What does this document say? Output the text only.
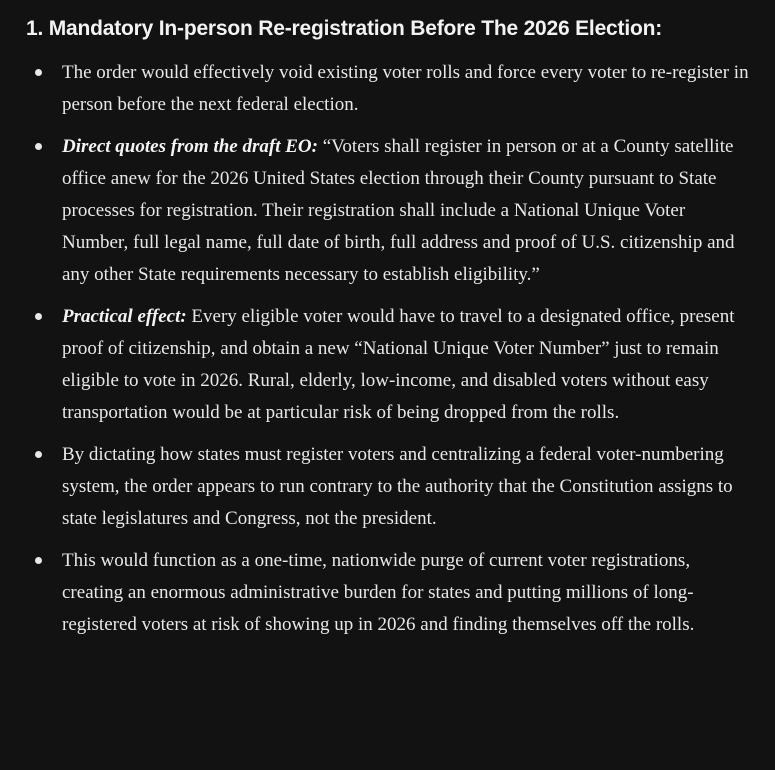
1. Mandatory In-person Re-registration Before The 2026 Election:
The order would effectively void existing voter rolls and force every voter to re-register in person before the next federal election.
Direct quotes from the draft EO: “Voters shall register in person or at a County satellite office anew for the 2026 United States election through their County pursuant to State processes for registration. Their registration shall include a National Unique Voter Number, full legal name, full date of birth, full address and proof of U.S. citizenship and any other State requirements necessary to establish eligibility.”
Practical effect: Every eligible voter would have to travel to a designated office, present proof of citizenship, and obtain a new “National Unique Voter Number” just to remain eligible to vote in 2026. Rural, elderly, low-income, and disabled voters without easy transportation would be at particular risk of being dropped from the rolls.
By dictating how states must register voters and centralizing a federal voter-numbering system, the order appears to run contrary to the authority that the Constitution assigns to state legislatures and Congress, not the president.
This would function as a one-time, nationwide purge of current voter registrations, creating an enormous administrative burden for states and putting millions of long-registered voters at risk of showing up in 2026 and finding themselves off the rolls.
